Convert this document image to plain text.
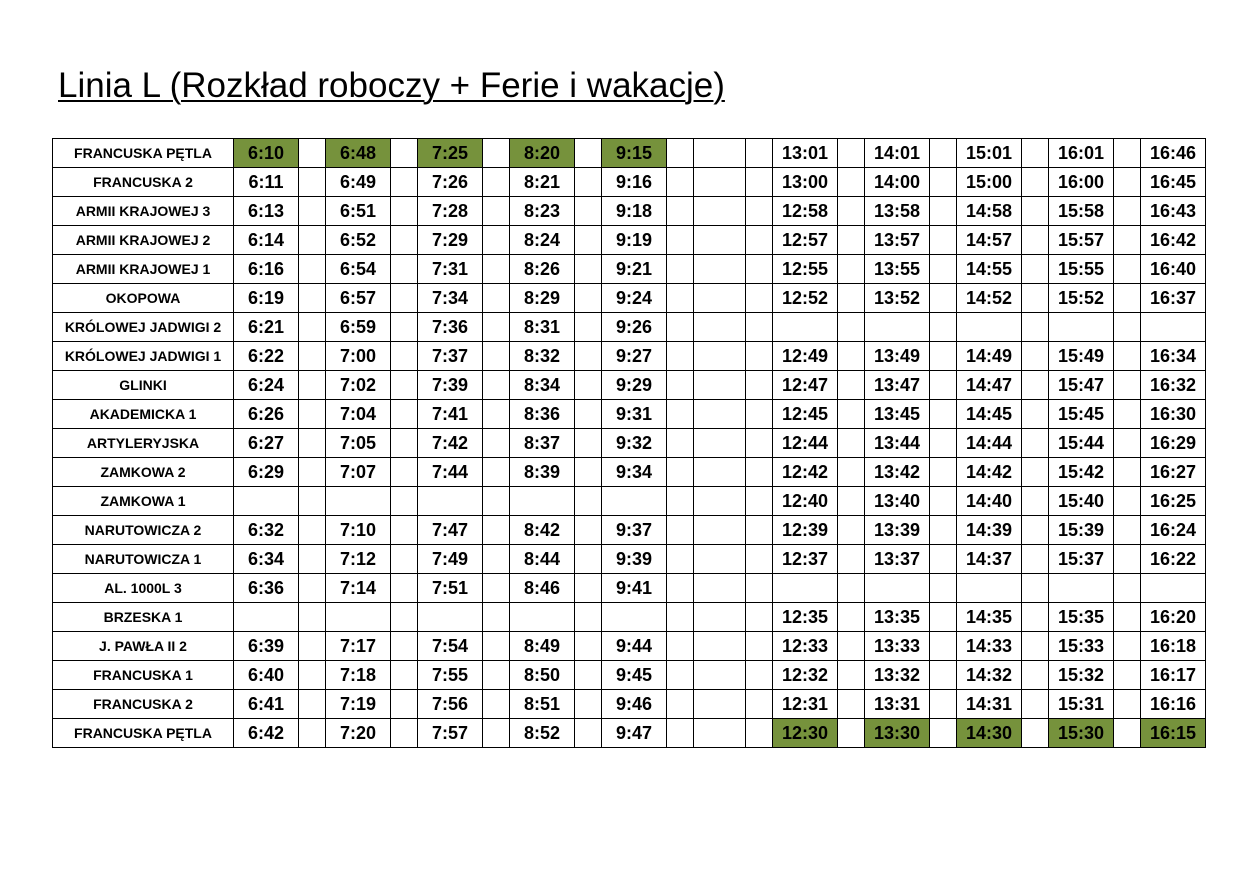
Linia L (Rozkład roboczy + Ferie i wakacje)
FRANCUSKA PĘTLA	6:10		6:48		7:25		8:20		9:15				13:01		14:01		15:01		16:01		16:46
FRANCUSKA 2	6:11		6:49		7:26		8:21		9:16				13:00		14:00		15:00		16:00		16:45
ARMII KRAJOWEJ 3	6:13		6:51		7:28		8:23		9:18				12:58		13:58		14:58		15:58		16:43
ARMII KRAJOWEJ 2	6:14		6:52		7:29		8:24		9:19				12:57		13:57		14:57		15:57		16:42
ARMII KRAJOWEJ 1	6:16		6:54		7:31		8:26		9:21				12:55		13:55		14:55		15:55		16:40
OKOPOWA	6:19		6:57		7:34		8:29		9:24				12:52		13:52		14:52		15:52		16:37
KRÓLOWEJ JADWIGI 2	6:21		6:59		7:36		8:31		9:26												
KRÓLOWEJ JADWIGI 1	6:22		7:00		7:37		8:32		9:27				12:49		13:49		14:49		15:49		16:34
GLINKI	6:24		7:02		7:39		8:34		9:29				12:47		13:47		14:47		15:47		16:32
AKADEMICKA 1	6:26		7:04		7:41		8:36		9:31				12:45		13:45		14:45		15:45		16:30
ARTYLERYJSKA	6:27		7:05		7:42		8:37		9:32				12:44		13:44		14:44		15:44		16:29
ZAMKOWA 2	6:29		7:07		7:44		8:39		9:34				12:42		13:42		14:42		15:42		16:27
ZAMKOWA 1													12:40		13:40		14:40		15:40		16:25
NARUTOWICZA 2	6:32		7:10		7:47		8:42		9:37				12:39		13:39		14:39		15:39		16:24
NARUTOWICZA 1	6:34		7:12		7:49		8:44		9:39				12:37		13:37		14:37		15:37		16:22
AL. 1000L 3	6:36		7:14		7:51		8:46		9:41												
BRZESKA 1													12:35		13:35		14:35		15:35		16:20
J. PAWŁA II 2	6:39		7:17		7:54		8:49		9:44				12:33		13:33		14:33		15:33		16:18
FRANCUSKA 1	6:40		7:18		7:55		8:50		9:45				12:32		13:32		14:32		15:32		16:17
FRANCUSKA 2	6:41		7:19		7:56		8:51		9:46				12:31		13:31		14:31		15:31		16:16
FRANCUSKA PĘTLA	6:42		7:20		7:57		8:52		9:47				12:30		13:30		14:30		15:30		16:15
